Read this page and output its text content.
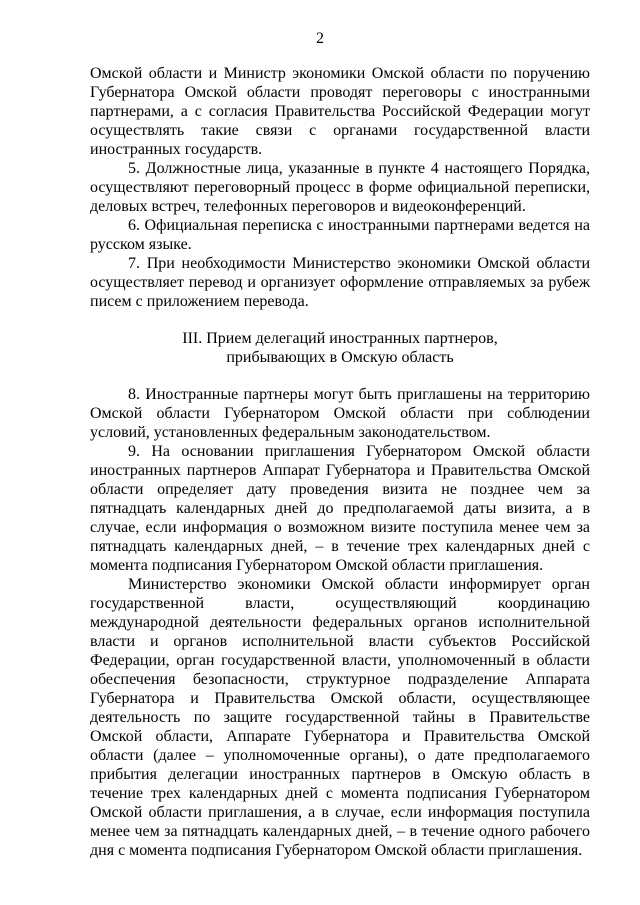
2

Омской области и Министр экономики Омской области по поручению Губернатора Омской области проводят переговоры с иностранными партнерами, а с согласия Правительства Российской Федерации могут осуществлять такие связи с органами государственной власти иностранных государств.

5. Должностные лица, указанные в пункте 4 настоящего Порядка, осуществляют переговорный процесс в форме официальной переписки, деловых встреч, телефонных переговоров и видеоконференций.

6. Официальная переписка с иностранными партнерами ведется на русском языке.

7. При необходимости Министерство экономики Омской области осуществляет перевод и организует оформление отправляемых за рубеж писем с приложением перевода.

III. Прием делегаций иностранных партнеров,
прибывающих в Омскую область

8. Иностранные партнеры могут быть приглашены на территорию Омской области Губернатором Омской области при соблюдении условий, установленных федеральным законодательством.

9. На основании приглашения Губернатором Омской области иностранных партнеров Аппарат Губернатора и Правительства Омской области определяет дату проведения визита не позднее чем за пятнадцать календарных дней до предполагаемой даты визита, а в случае, если информация о возможном визите поступила менее чем за пятнадцать календарных дней, – в течение трех календарных дней с момента подписания Губернатором Омской области приглашения.

Министерство экономики Омской области информирует орган государственной власти, осуществляющий координацию международной деятельности федеральных органов исполнительной власти и органов исполнительной власти субъектов Российской Федерации, орган государственной власти, уполномоченный в области обеспечения безопасности, структурное подразделение Аппарата Губернатора и Правительства Омской области, осуществляющее деятельность по защите государственной тайны в Правительстве Омской области, Аппарате Губернатора и Правительства Омской области (далее – уполномоченные органы), о дате предполагаемого прибытия делегации иностранных партнеров в Омскую область в течение трех календарных дней с момента подписания Губернатором Омской области приглашения, а в случае, если информация поступила менее чем за пятнадцать календарных дней, – в течение одного рабочего дня с момента подписания Губернатором Омской области приглашения.
